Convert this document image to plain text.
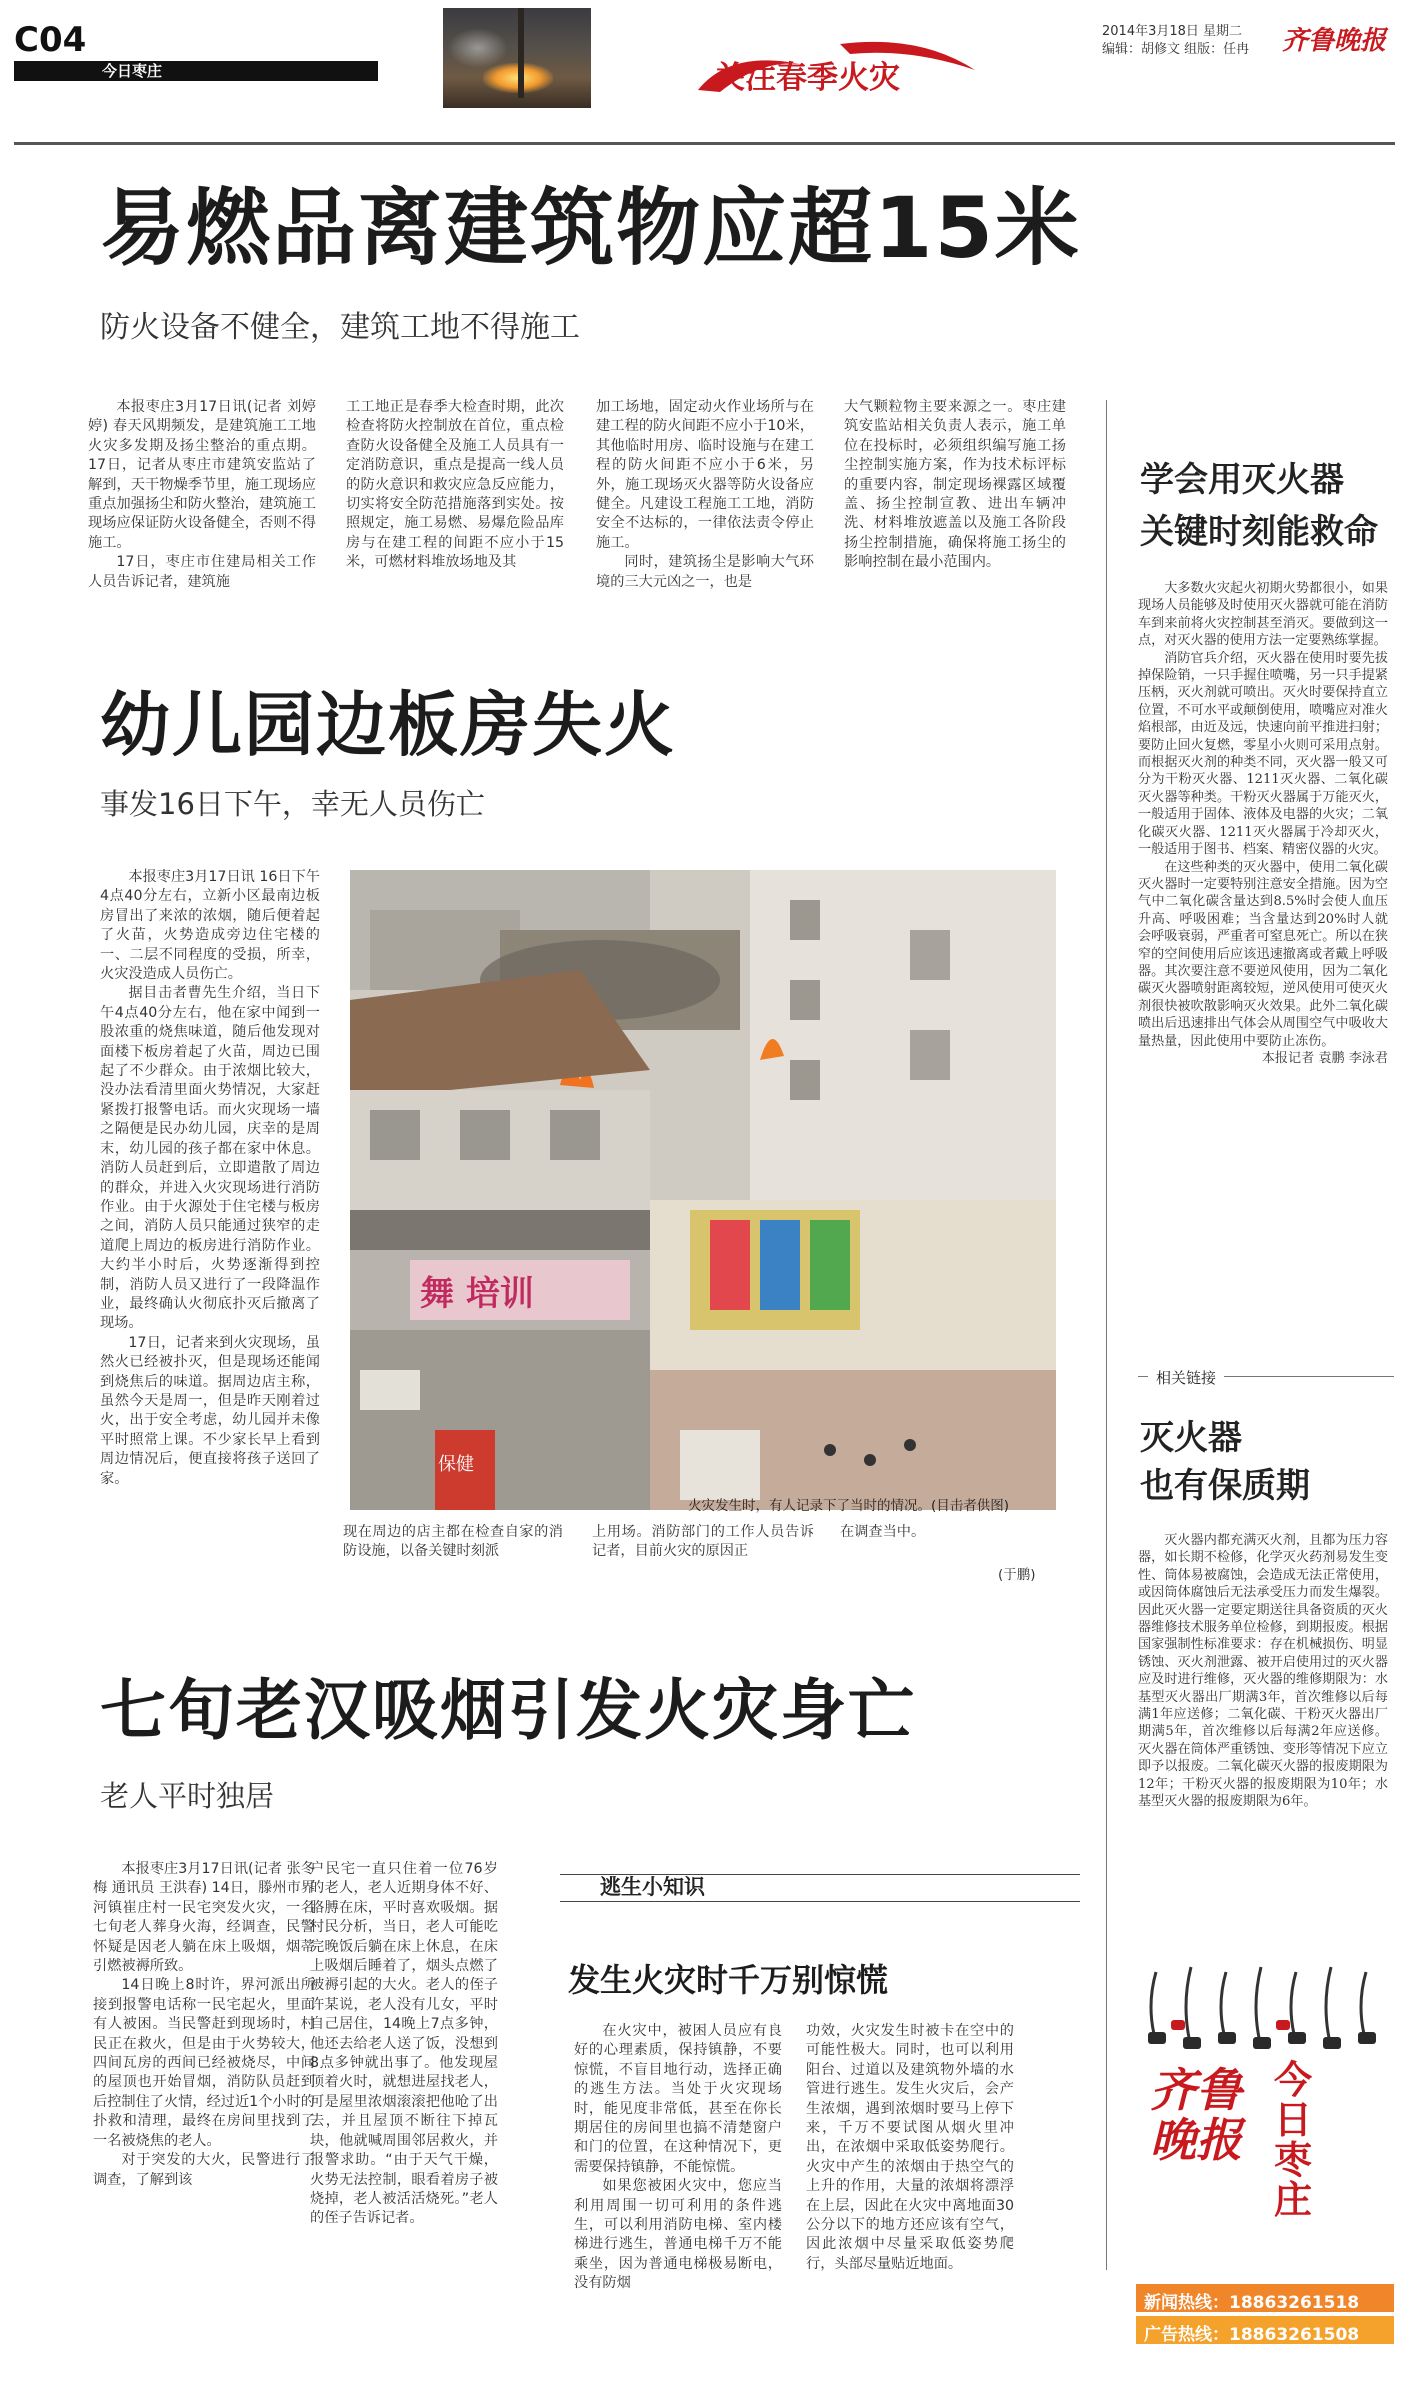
C04
今日枣庄	关注春季火灾
2014年3月18日 星期二
编辑：胡修文 组版：任冉 齐鲁晚报
易燃品离建筑物应超15米
防火设备不健全，建筑工地不得施工

本报枣庄3月17日讯(记者 刘婷婷) 春天风期频发，是建筑施工工地火灾多发期及扬尘整治的重点期。17日，记者从枣庄市建筑安监站了解到，天干物燥季节里，施工现场应重点加强扬尘和防火整治，建筑施工现场应保证防火设备健全，否则不得施工。

17日，枣庄市住建局相关工作人员告诉记者，建筑施

工工地正是春季大检查时期，此次检查将防火控制放在首位，重点检查防火设备健全及施工人员具有一定消防意识，重点是提高一线人员的防火意识和救灾应急反应能力，切实将安全防范措施落到实处。按照规定，施工易燃、易爆危险品库房与在建工程的间距不应小于15米，可燃材料堆放场地及其

加工场地，固定动火作业场所与在建工程的防火间距不应小于10米，其他临时用房、临时设施与在建工程的防火间距不应小于6米，另外，施工现场灭火器等防火设备应健全。凡建设工程施工工地，消防安全不达标的，一律依法责令停止施工。

同时，建筑扬尘是影响大气环境的三大元凶之一，也是

大气颗粒物主要来源之一。枣庄建筑安监站相关负责人表示，施工单位在投标时，必须组织编写施工扬尘控制实施方案，作为技术标评标的重要内容，制定现场裸露区域覆盖、扬尘控制宣教、进出车辆冲洗、材料堆放遮盖以及施工各阶段扬尘控制措施，确保将施工扬尘的影响控制在最小范围内。

幼儿园边板房失火
事发16日下午，幸无人员伤亡

本报枣庄3月17日讯 16日下午4点40分左右，立新小区最南边板房冒出了来浓的浓烟，随后便着起了火苗，火势造成旁边住宅楼的一、二层不同程度的受损，所幸，火灾没造成人员伤亡。

据目击者曹先生介绍，当日下午4点40分左右，他在家中闻到一股浓重的烧焦味道，随后他发现对面楼下板房着起了火苗，周边已围起了不少群众。由于浓烟比较大，没办法看清里面火势情况，大家赶紧拨打报警电话。而火灾现场一墙之隔便是民办幼儿园，庆幸的是周末，幼儿园的孩子都在家中休息。消防人员赶到后，立即遣散了周边的群众，并进入火灾现场进行消防作业。由于火源处于住宅楼与板房之间，消防人员只能通过狭窄的走道爬上周边的板房进行消防作业。大约半小时后，火势逐渐得到控制，消防人员又进行了一段降温作业，最终确认火彻底扑灭后撤离了现场。

17日，记者来到火灾现场，虽然火已经被扑灭，但是现场还能闻到烧焦后的味道。据周边店主称，虽然今天是周一，但是昨天刚着过火，出于安全考虑，幼儿园并未像平时照常上课。不少家长早上看到周边情况后，便直接将孩子送回了家。

舞 培训
保健
火灾发生时，有人记录下了当时的情况。(目击者供图)

现在周边的店主都在检查自家的消防设施，以备关键时刻派

上用场。消防部门的工作人员告诉记者，目前火灾的原因正

在调查当中。

(于鹏)
七旬老汉吸烟引发火灾身亡
老人平时独居

本报枣庄3月17日讯(记者 张冬梅 通讯员 王洪春) 14日，滕州市界河镇崔庄村一民宅突发火灾，一名七旬老人葬身火海，经调查，民警怀疑是因老人躺在床上吸烟，烟蒂引燃被褥所致。

14日晚上8时许，界河派出所接到报警电话称一民宅起火，里面有人被困。当民警赶到现场时，村民正在救火，但是由于火势较大，四间瓦房的西间已经被烧尽，中间的屋顶也开始冒烟，消防队员赶到后控制住了火情，经过近1个小时的扑救和清理，最终在房间里找到了一名被烧焦的老人。

对于突发的大火，民警进行了调查，了解到该

户民宅一直只住着一位76岁的老人，老人近期身体不好、胳膊在床，平时喜欢吸烟。据村民分析，当日，老人可能吃完晚饭后躺在床上休息，在床上吸烟后睡着了，烟头点燃了被褥引起的大火。老人的侄子许某说，老人没有儿女，平时自己居住，14晚上7点多钟，他还去给老人送了饭，没想到8点多钟就出事了。他发现屋顶着火时，就想进屋找老人，可是屋里浓烟滚滚把他呛了出去，并且屋顶不断往下掉瓦块，他就喊周围邻居救火，并报警求助。“由于天气干燥，火势无法控制，眼看着房子被烧掉，老人被活活烧死。”老人的侄子告诉记者。

逃生小知识
发生火灾时千万别惊慌

在火灾中，被困人员应有良好的心理素质，保持镇静，不要惊慌，不盲目地行动，选择正确的逃生方法。当处于火灾现场时，能见度非常低，甚至在你长期居住的房间里也搞不清楚窗户和门的位置，在这种情况下，更需要保持镇静，不能惊慌。

如果您被困火灾中，您应当利用周围一切可利用的条件逃生，可以利用消防电梯、室内楼梯进行逃生，普通电梯千万不能乘坐，因为普通电梯极易断电，没有防烟

功效，火灾发生时被卡在空中的可能性极大。同时，也可以利用阳台、过道以及建筑物外墙的水管进行逃生。发生火灾后，会产生浓烟，遇到浓烟时要马上停下来，千万不要试图从烟火里冲出，在浓烟中采取低姿势爬行。火灾中产生的浓烟由于热空气的上升的作用，大量的浓烟将漂浮在上层，因此在火灾中离地面30公分以下的地方还应该有空气，因此浓烟中尽量采取低姿势爬行，头部尽量贴近地面。

学会用灭火器
关键时刻能救命

大多数火灾起火初期火势都很小，如果现场人员能够及时使用灭火器就可能在消防车到来前将火灾控制甚至消灭。要做到这一点，对灭火器的使用方法一定要熟练掌握。

消防官兵介绍，灭火器在使用时要先拔掉保险销，一只手握住喷嘴，另一只手提紧压柄，灭火剂就可喷出。灭火时要保持直立位置，不可水平或颠倒使用，喷嘴应对准火焰根部，由近及远，快速向前平推进扫射；要防止回火复燃，零星小火则可采用点射。而根据灭火剂的种类不同，灭火器一般又可分为干粉灭火器、1211灭火器、二氧化碳灭火器等种类。干粉灭火器属于万能灭火，一般适用于固体、液体及电器的火灾；二氧化碳灭火器、1211灭火器属于冷却灭火，一般适用于图书、档案、精密仪器的火灾。

在这些种类的灭火器中，使用二氧化碳灭火器时一定要特别注意安全措施。因为空气中二氧化碳含量达到8.5%时会使人血压升高、呼吸困难；当含量达到20%时人就会呼吸衰弱，严重者可窒息死亡。所以在狭窄的空间使用后应该迅速撤离或者戴上呼吸器。其次要注意不要逆风使用，因为二氧化碳灭火器喷射距离较短，逆风使用可使灭火剂很快被吹散影响灭火效果。此外二氧化碳喷出后迅速排出气体会从周围空气中吸收大量热量，因此使用中要防止冻伤。

本报记者 袁鹏 李泳君

相关链接
灭火器
也有保质期

灭火器内都充满灭火剂，且都为压力容器，如长期不检修，化学灭火药剂易发生变性、筒体易被腐蚀，会造成无法正常使用，或因筒体腐蚀后无法承受压力而发生爆裂。因此灭火器一定要定期送往具备资质的灭火器维修技术服务单位检修，到期报废。根据国家强制性标准要求：存在机械损伤、明显锈蚀、灭火剂泄露、被开启使用过的灭火器应及时进行维修，灭火器的维修期限为：水基型灭火器出厂期满3年，首次维修以后每满1年应送修；二氧化碳、干粉灭火器出厂期满5年，首次维修以后每满2年应送修。灭火器在筒体严重锈蚀、变形等情况下应立即予以报废。二氧化碳灭火器的报废期限为12年；干粉灭火器的报废期限为10年；水基型灭火器的报废期限为6年。

齐鲁晚报
今日枣庄
新闻热线：18863261518
广告热线：18863261508
